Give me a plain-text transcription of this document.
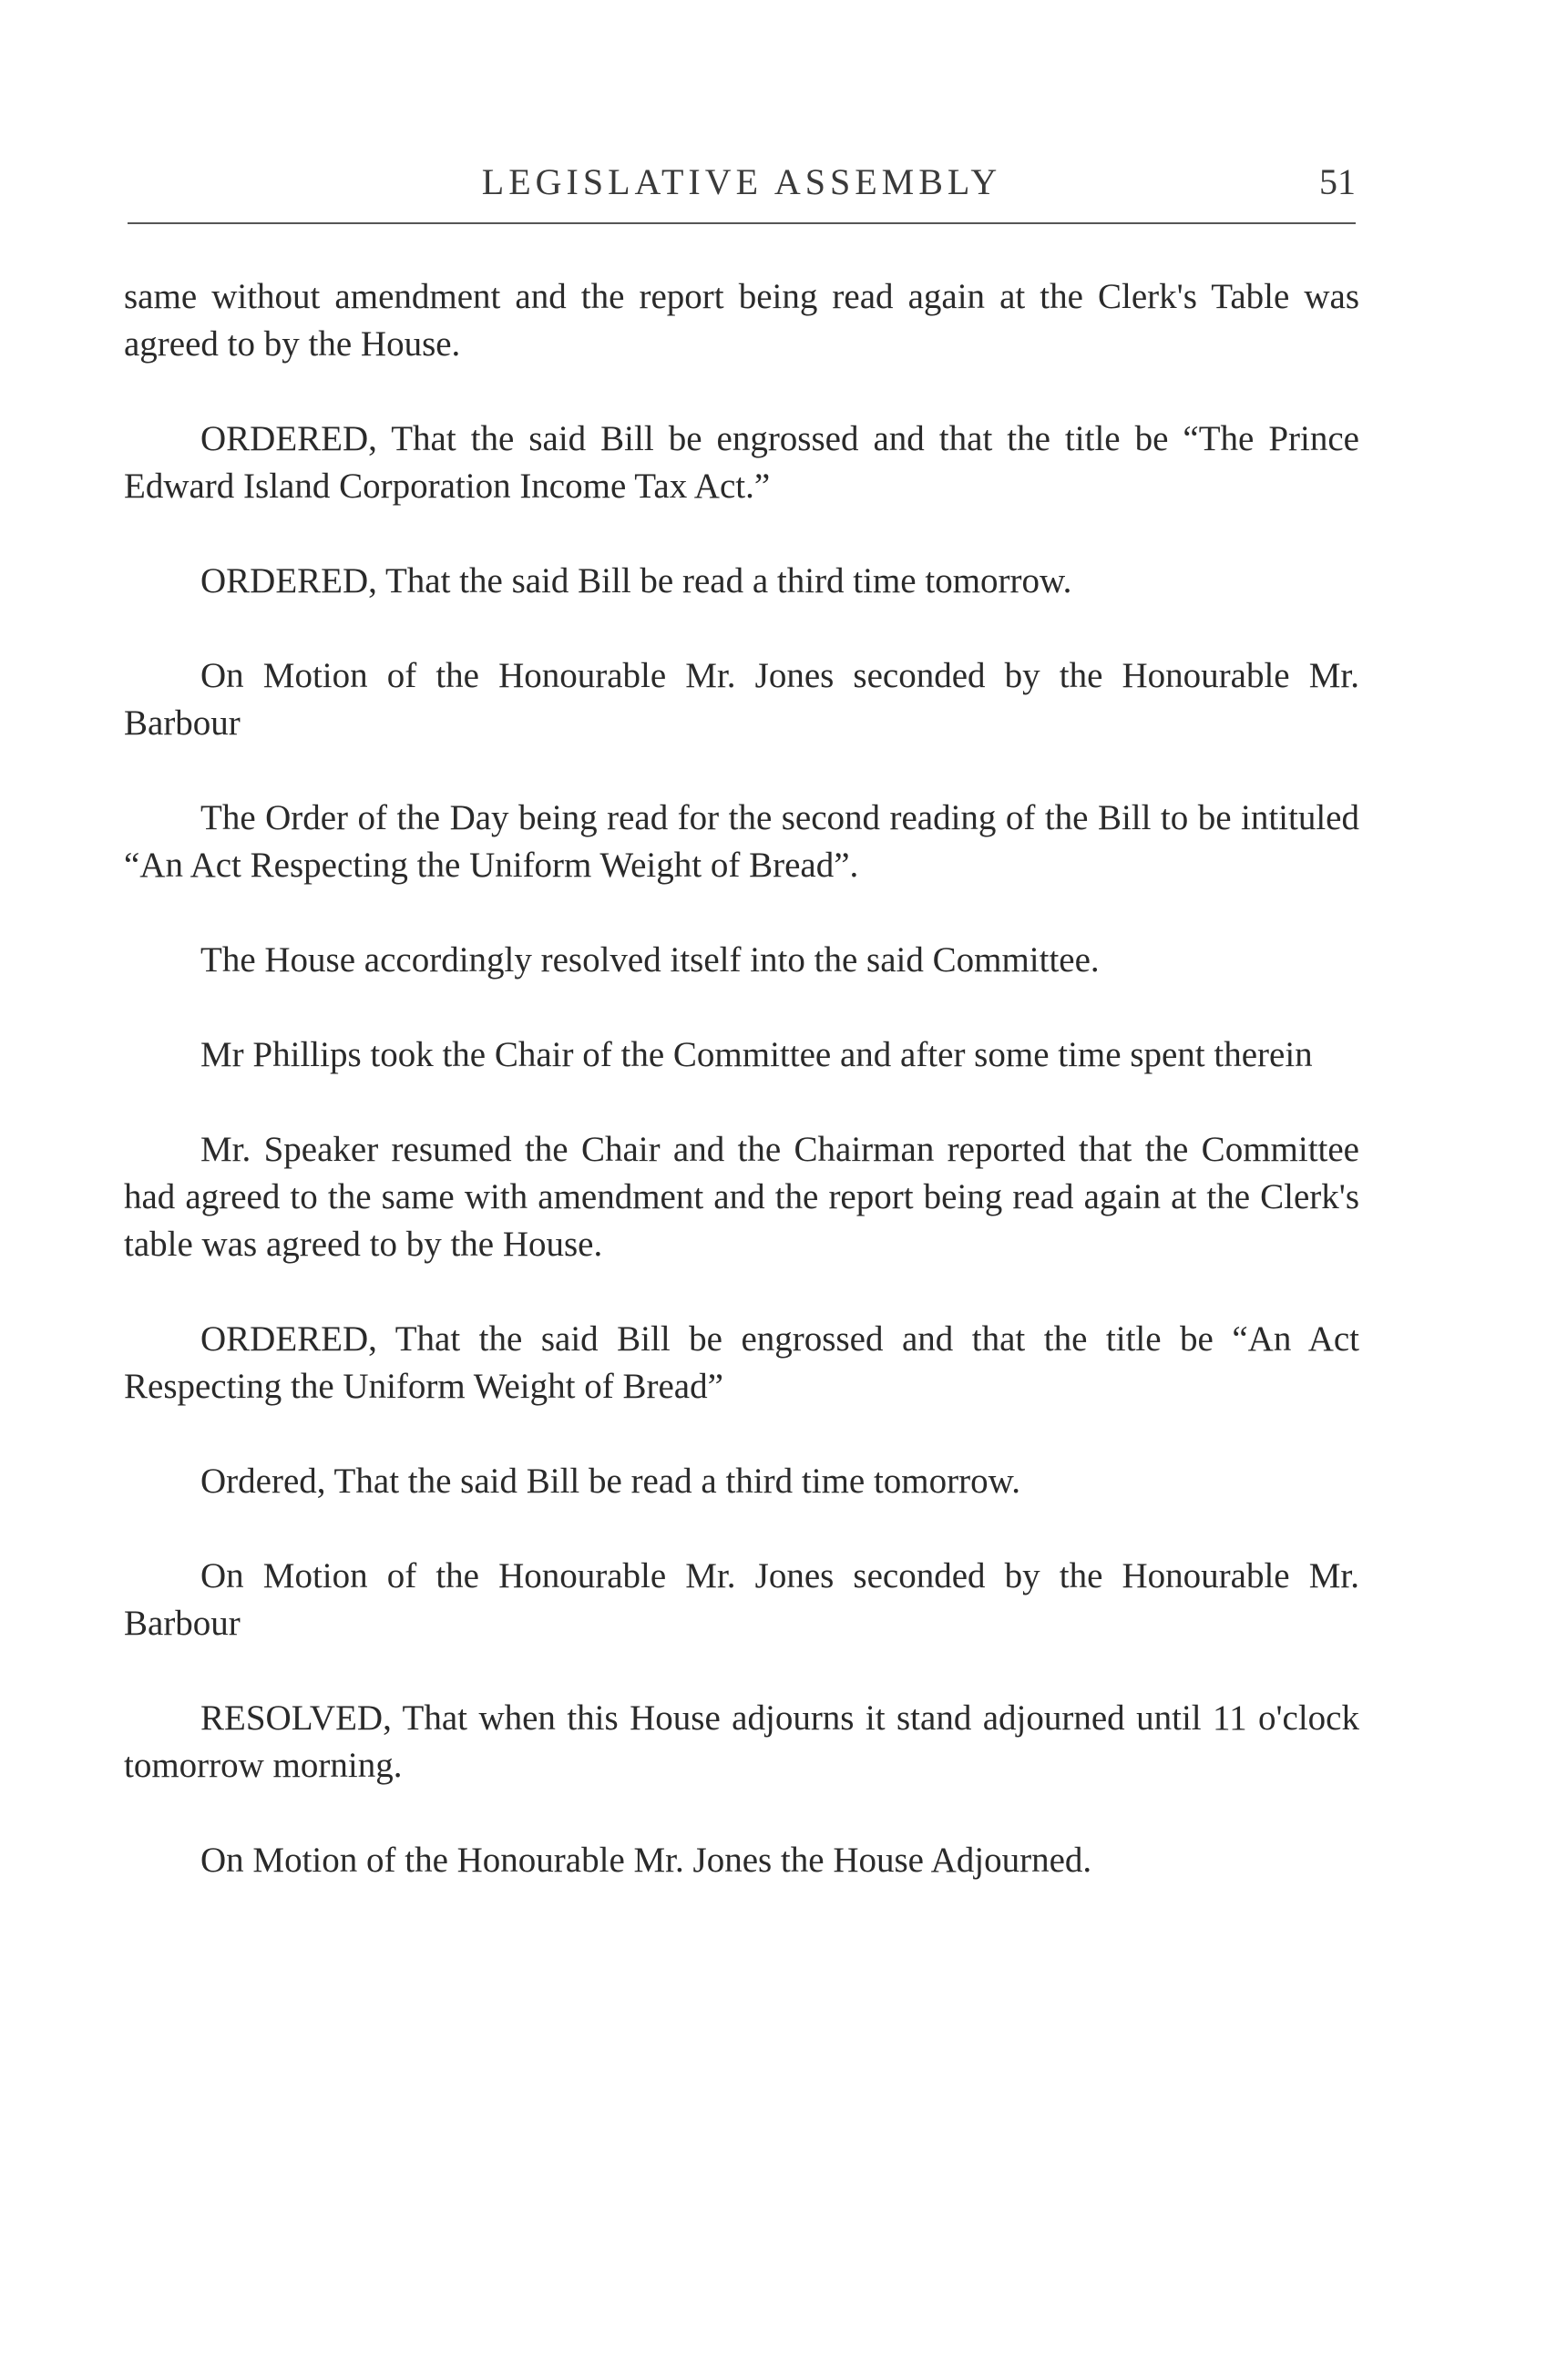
LEGISLATIVE ASSEMBLY	51

same without amendment and the report being read again at the Clerk's Table was agreed to by the House.

ORDERED, That the said Bill be engrossed and that the title be “The Prince Edward Island Corporation Income Tax Act.”

ORDERED, That the said Bill be read a third time tomorrow.

On Motion of the Honourable Mr. Jones seconded by the Honourable Mr. Barbour

The Order of the Day being read for the second reading of the Bill to be intituled “An Act Respecting the Uniform Weight of Bread”.

The House accordingly resolved itself into the said Committee.

Mr Phillips took the Chair of the Committee and after some time spent therein

Mr. Speaker resumed the Chair and the Chairman reported that the Committee had agreed to the same with amendment and the report being read again at the Clerk's table was agreed to by the House.

ORDERED, That the said Bill be engrossed and that the title be “An Act Respecting the Uniform Weight of Bread”

Ordered, That the said Bill be read a third time tomorrow.

On Motion of the Honourable Mr. Jones seconded by the Honourable Mr. Barbour

RESOLVED, That when this House adjourns it stand adjourned until 11 o'clock tomorrow morning.

On Motion of the Honourable Mr. Jones the House Adjourned.
